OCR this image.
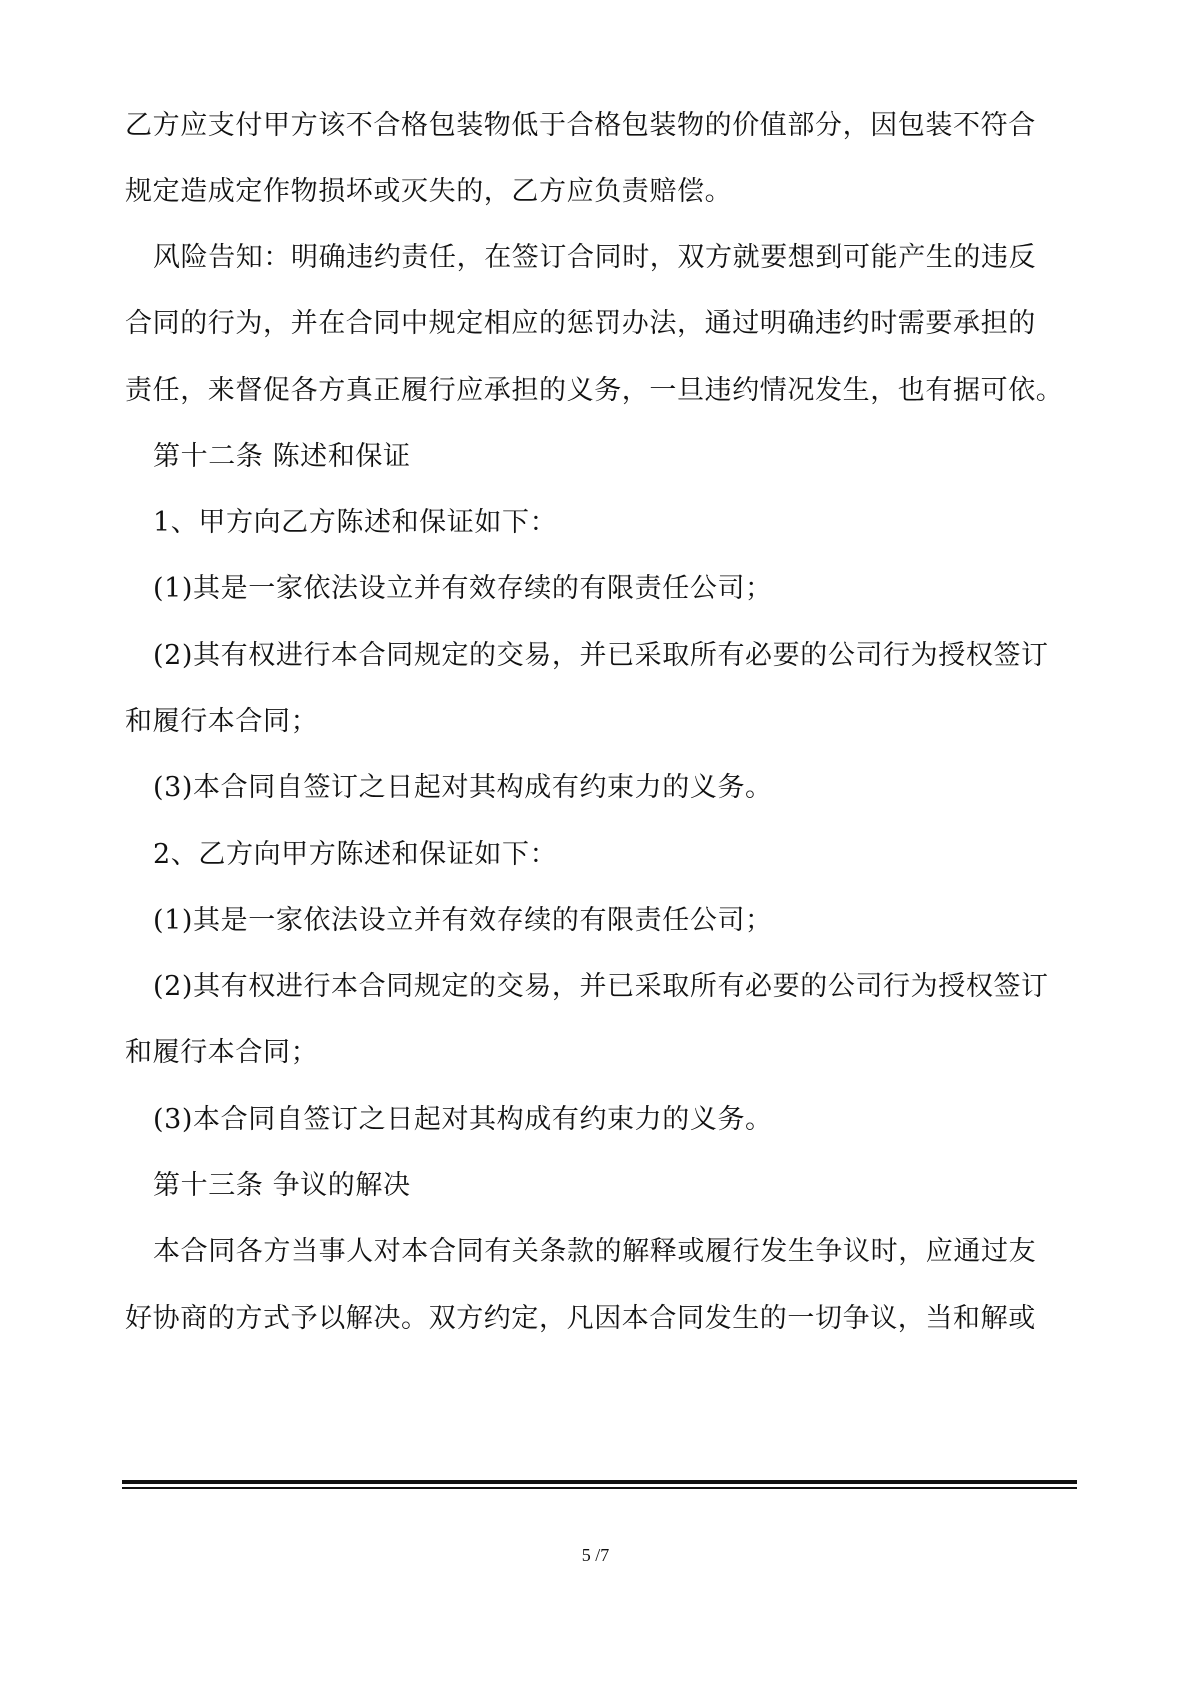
乙方应支付甲方该不合格包装物低于合格包装物的价值部分，因包装不符合
规定造成定作物损坏或灭失的，乙方应负责赔偿。
风险告知：明确违约责任，在签订合同时，双方就要想到可能产生的违反
合同的行为，并在合同中规定相应的惩罚办法，通过明确违约时需要承担的
责任，来督促各方真正履行应承担的义务，一旦违约情况发生，也有据可依。
第十二条 陈述和保证
1、甲方向乙方陈述和保证如下：
(1)其是一家依法设立并有效存续的有限责任公司；
(2)其有权进行本合同规定的交易，并已采取所有必要的公司行为授权签订
和履行本合同；
(3)本合同自签订之日起对其构成有约束力的义务。
2、乙方向甲方陈述和保证如下：
(1)其是一家依法设立并有效存续的有限责任公司；
(2)其有权进行本合同规定的交易，并已采取所有必要的公司行为授权签订
和履行本合同；
(3)本合同自签订之日起对其构成有约束力的义务。
第十三条 争议的解决
本合同各方当事人对本合同有关条款的解释或履行发生争议时，应通过友
好协商的方式予以解决。双方约定，凡因本合同发生的一切争议，当和解或
5 /7
